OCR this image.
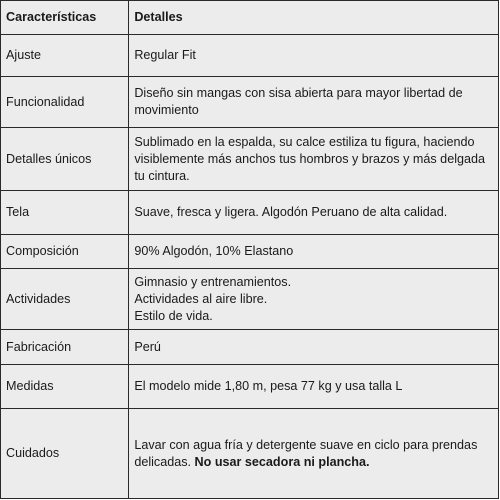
Características	Detalles
Ajuste	Regular Fit

Funcionalidad	Diseño sin mangas con sisa abierta para mayor libertad de movimiento

Detalles únicos	Sublimado en la espalda, su calce estiliza tu figura, haciendo visiblemente más anchos tus hombros y brazos y más delgada tu cintura.

Tela	Suave, fresca y ligera. Algodón Peruano de alta calidad.

Composición	90% Algodón, 10% Elastano

Actividades	Gimnasio y entrenamientos.
Actividades al aire libre.
Estilo de vida.

Fabricación	Perú

Medidas	El modelo mide 1,80 m, pesa 77 kg y usa talla L

Cuidados	Lavar con agua fría y detergente suave en ciclo para prendas delicadas. No usar secadora ni plancha.
